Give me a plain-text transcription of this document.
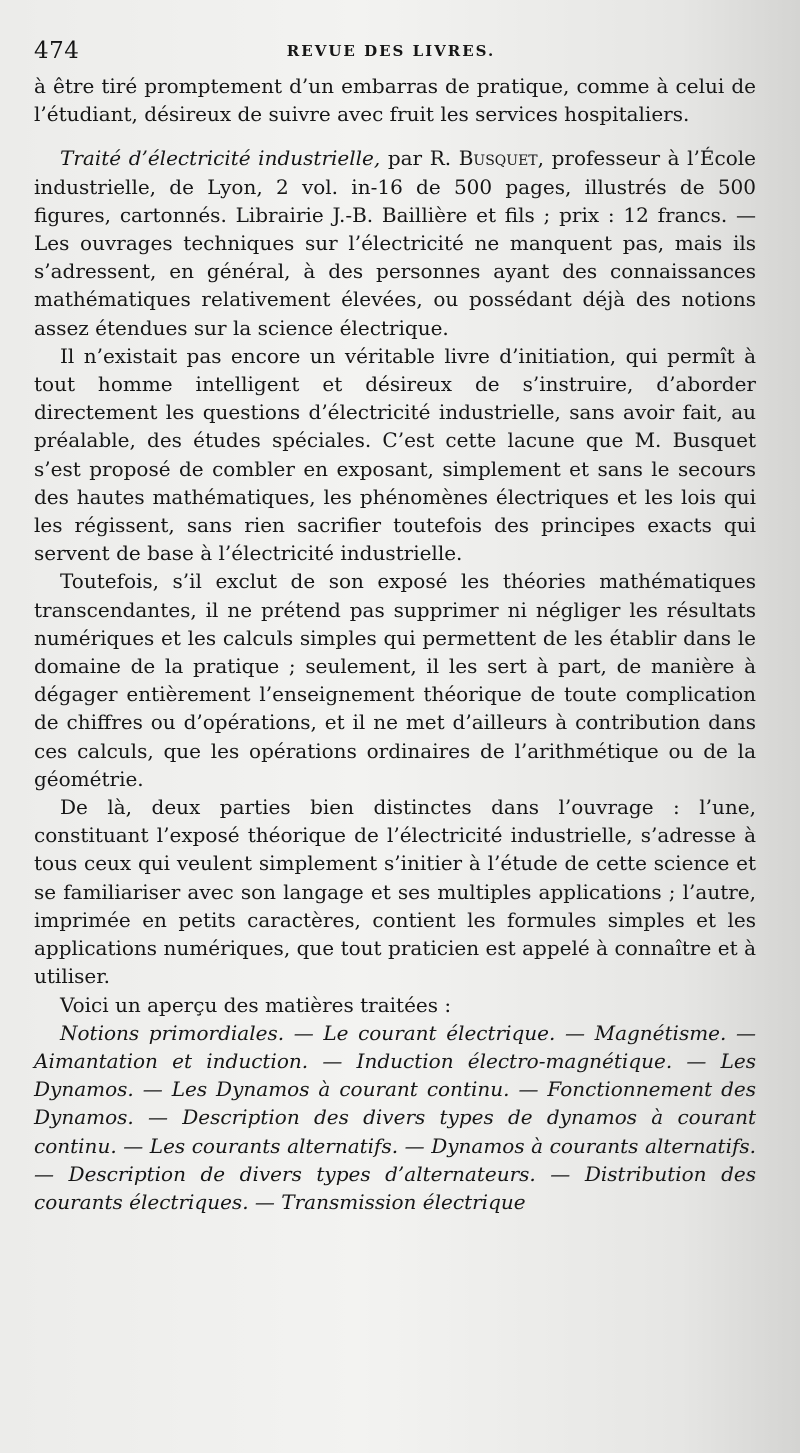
474	REVUE DES LIVRES.

à être tiré promptement d’un embarras de pratique, comme à celui de l’étudiant, désireux de suivre avec fruit les services hospitaliers.

Traité d’électricité industrielle, par R. Busquet, professeur à l’École industrielle, de Lyon, 2 vol. in-16 de 500 pages, illustrés de 500 figures, cartonnés. Librairie J.-B. Baillière et fils ; prix : 12 francs. — Les ouvrages techniques sur l’électricité ne manquent pas, mais ils s’adressent, en général, à des personnes ayant des connaissances mathématiques relativement élevées, ou possédant déjà des notions assez étendues sur la science électrique.

Il n’existait pas encore un véritable livre d’initiation, qui permît à tout homme intelligent et désireux de s’instruire, d’aborder directement les questions d’électricité industrielle, sans avoir fait, au préalable, des études spéciales. C’est cette lacune que M. Busquet s’est proposé de combler en exposant, simplement et sans le secours des hautes mathématiques, les phénomènes électriques et les lois qui les régissent, sans rien sacrifier toutefois des principes exacts qui servent de base à l’électricité industrielle.

Toutefois, s’il exclut de son exposé les théories mathématiques transcendantes, il ne prétend pas supprimer ni négliger les résultats numériques et les calculs simples qui permettent de les établir dans le domaine de la pratique ; seulement, il les sert à part, de manière à dégager entièrement l’enseignement théorique de toute complication de chiffres ou d’opérations, et il ne met d’ailleurs à contribution dans ces calculs, que les opérations ordinaires de l’arithmétique ou de la géométrie.

De là, deux parties bien distinctes dans l’ouvrage : l’une, constituant l’exposé théorique de l’électricité industrielle, s’adresse à tous ceux qui veulent simplement s’initier à l’étude de cette science et se familiariser avec son langage et ses multiples applications ; l’autre, imprimée en petits caractères, contient les formules simples et les applications numériques, que tout praticien est appelé à connaître et à utiliser.

Voici un aperçu des matières traitées :

Notions primordiales. — Le courant électrique. — Magnétisme. — Aimantation et induction. — Induction électro-magnétique. — Les Dynamos. — Les Dynamos à courant continu. — Fonctionnement des Dynamos. — Description des divers types de dynamos à courant continu. — Les courants alternatifs. — Dynamos à courants alternatifs. — Description de divers types d’alternateurs. — Distribution des courants électriques. — Transmission électrique
